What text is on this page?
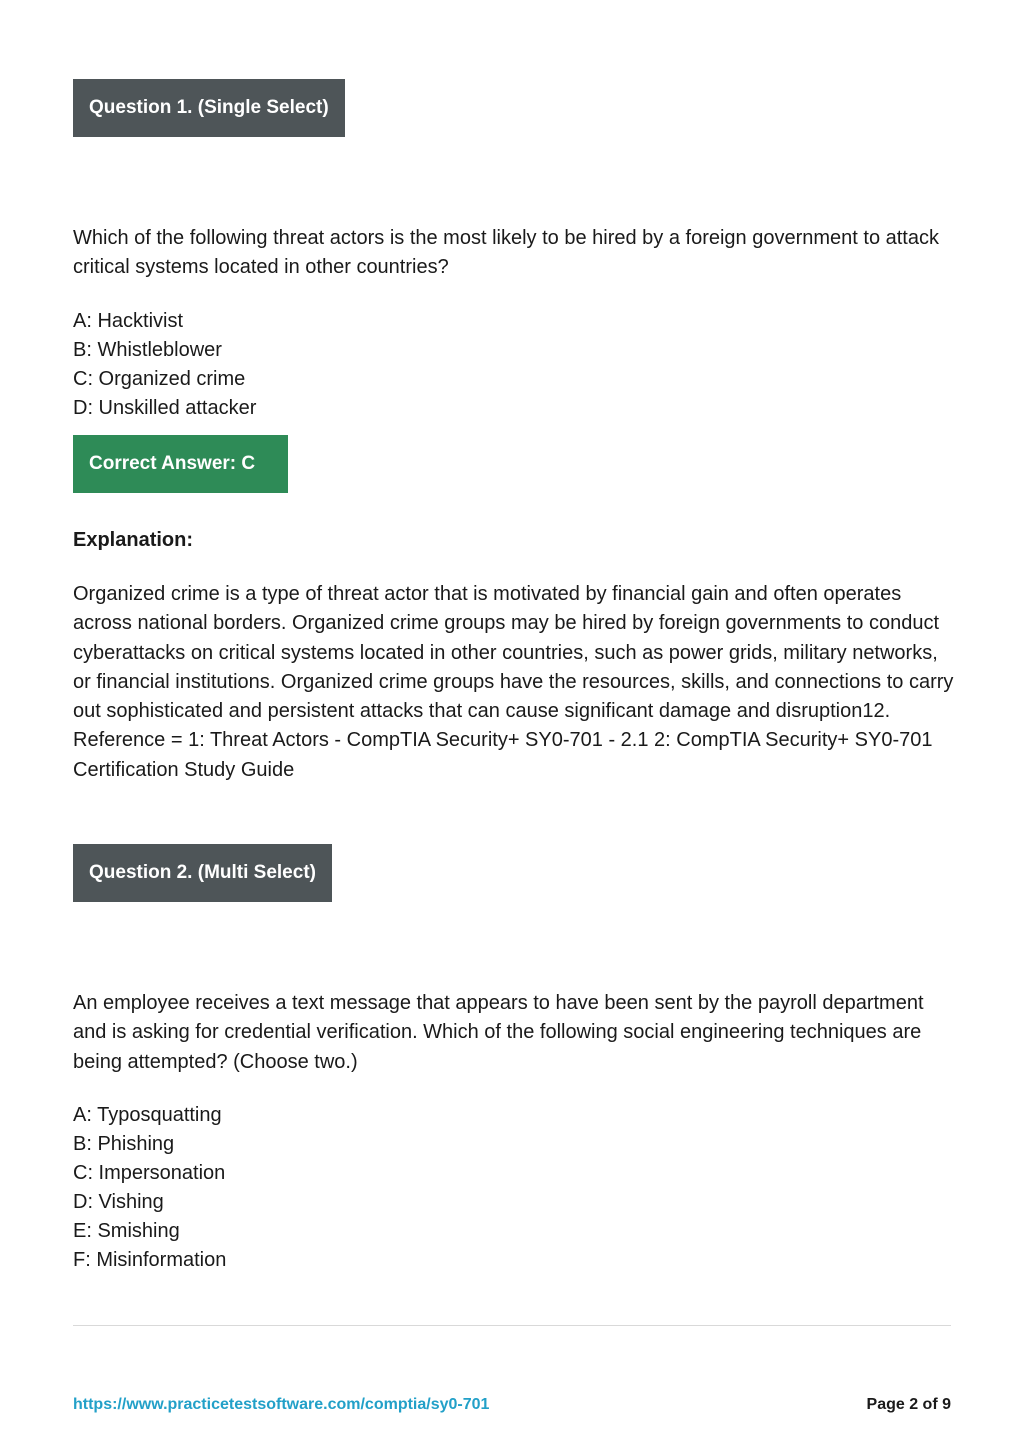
Question 1. (Single Select)
Which of the following threat actors is the most likely to be hired by a foreign government to attack critical systems located in other countries?
A: Hacktivist
B: Whistleblower
C: Organized crime
D: Unskilled attacker
Correct Answer: C
Explanation:
Organized crime is a type of threat actor that is motivated by financial gain and often operates across national borders. Organized crime groups may be hired by foreign governments to conduct cyberattacks on critical systems located in other countries, such as power grids, military networks, or financial institutions. Organized crime groups have the resources, skills, and connections to carry out sophisticated and persistent attacks that can cause significant damage and disruption12. Reference = 1: Threat Actors - CompTIA Security+ SY0-701 - 2.1 2: CompTIA Security+ SY0-701 Certification Study Guide
Question 2. (Multi Select)
An employee receives a text message that appears to have been sent by the payroll department and is asking for credential verification. Which of the following social engineering techniques are being attempted? (Choose two.)
A: Typosquatting
B: Phishing
C: Impersonation
D: Vishing
E: Smishing
F: Misinformation
https://www.practicetestsoftware.com/comptia/sy0-701	Page 2 of 9
